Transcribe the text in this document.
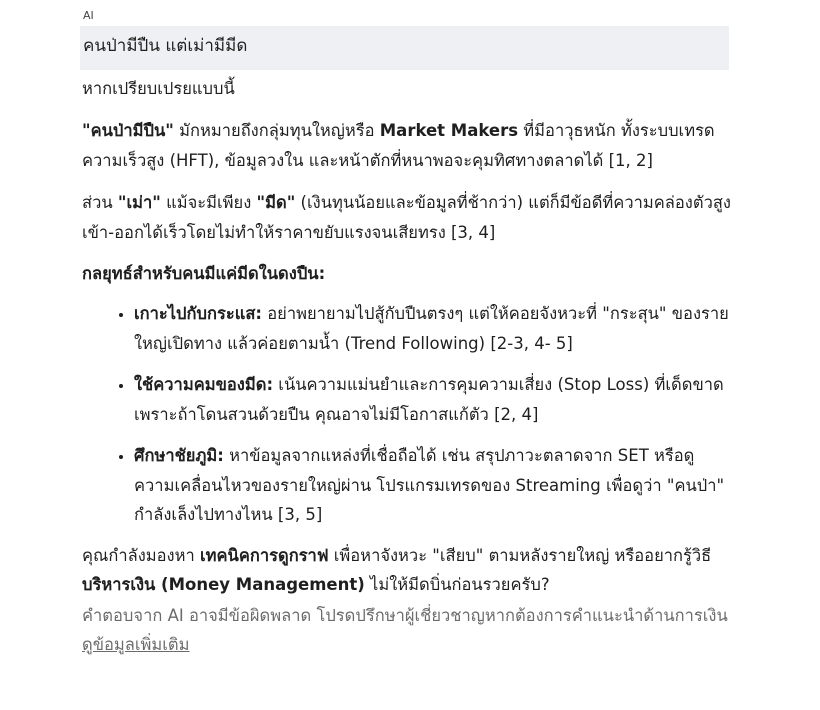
AI
คนป่ามีปืน แต่เม่ามีมีด

หากเปรียบเปรยแบบนี้

"คนป่ามีปืน" มักหมายถึงกลุ่มทุนใหญ่หรือ Market Makers ที่มีอาวุธหนัก ทั้งระบบเทรดความเร็วสูง (HFT), ข้อมูลวงใน และหน้าตักที่หนาพอจะคุมทิศทางตลาดได้ [1, 2]

ส่วน "เม่า" แม้จะมีเพียง "มีด" (เงินทุนน้อยและข้อมูลที่ช้ากว่า) แต่ก็มีข้อดีที่ความคล่องตัวสูง เข้า-ออกได้เร็วโดยไม่ทำให้ราคาขยับแรงจนเสียทรง [3, 4]

กลยุทธ์สำหรับคนมีแค่มีดในดงปืน:

• เกาะไปกับกระแส: อย่าพยายามไปสู้กับปืนตรงๆ แต่ให้คอยจังหวะที่ "กระสุน" ของรายใหญ่เปิดทาง แล้วค่อยตามน้ำ (Trend Following) [2-3, 4- 5]
• ใช้ความคมของมีด: เน้นความแม่นยำและการคุมความเสี่ยง (Stop Loss) ที่เด็ดขาด เพราะถ้าโดนสวนด้วยปืน คุณอาจไม่มีโอกาสแก้ตัว [2, 4]
• ศึกษาชัยภูมิ: หาข้อมูลจากแหล่งที่เชื่อถือได้ เช่น สรุปภาวะตลาดจาก SET หรือดูความเคลื่อนไหวของรายใหญ่ผ่าน โปรแกรมเทรดของ Streaming เพื่อดูว่า "คนป่า" กำลังเล็งไปทางไหน [3, 5]

คุณกำลังมองหา เทคนิคการดูกราฟ เพื่อหาจังหวะ "เสียบ" ตามหลังรายใหญ่ หรืออยากรู้วิธี บริหารเงิน (Money Management) ไม่ให้มีดบิ่นก่อนรวยครับ?

คำตอบจาก AI อาจมีข้อผิดพลาด โปรดปรึกษาผู้เชี่ยวชาญหากต้องการคำแนะนำด้านการเงิน ดูข้อมูลเพิ่มเติม
